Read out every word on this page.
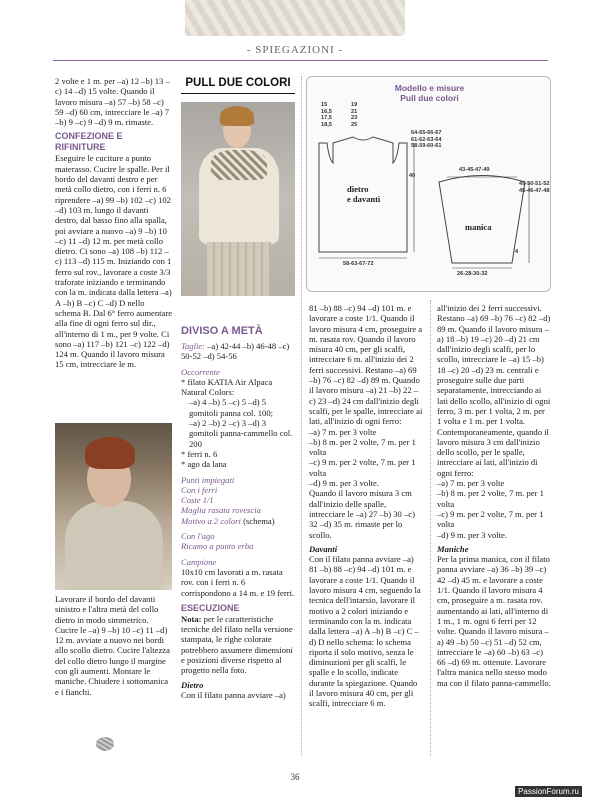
- SPIEGAZIONI -

2 volte e 1 m. per –a) 12 –b) 13 –c) 14 –d) 15 volte. Quando il lavoro misura –a) 57 –b) 58 –c) 59 –d) 60 cm, intrecciare le –a) 7 –b) 9 –c) 9 –d) 9 m. rimaste.

CONFEZIONE E RIFINITURE

Eseguire le cuciture a punto materasso. Cucire le spalle. Per il bordo del davanti destro e per metà collo dietro, con i ferri n. 6 riprendere –a) 99 –b) 102 –c) 102 –d) 103 m. lungo il davanti destro, dal basso fino alla spalla, poi avviare a nuovo –a) 9 –b) 10 –c) 11 –d) 12 m. per metà collo dietro. Ci sono –a) 108 –b) 112 –c) 113 –d) 115 m. Iniziando con 1 ferro sul rov., lavorare a coste 3/3 traforate iniziando e terminando con la m. indicata dalla lettera –a) A –b) B –c) C –d) D nello schema B. Dal 6° ferro aumentare alla fine di ogni ferro sul dir., all'interno di 1 m., per 9 volte. Ci sono –a) 117 –b) 121 –c) 122 –d) 124 m. Quando il lavoro misura 15 cm, intrecciare le m.

Lavorare il bordo del davanti sinistro e l'altra metà del collo dietro in modo simmetrico. Cucire le –a) 9 –b) 10 –c) 11 –d) 12 m. avviate a nuovo nei bordi allo scollo dietro. Cucire l'altezza del collo dietro lungo il margine con gli aumenti. Montare le maniche. Chiudere i sottomanica e i fianchi.

PULL DUE COLORI
DIVISO A METÀ

Taglie: –a) 42-44 –b) 46-48 –c) 50-52 –d) 54-56

Occorrente

* filato KATIA Air Alpaca Natural Colors:

–a) 4 –b) 5 –c) 5 –d) 5 gomitoli panna col. 100;

–a) 2 –b) 2 –c) 3 –d) 3 gomitoli panna-cammello col. 200

* ferri n. 6

* ago da lana

Punti impiegati

Con i ferri

Coste 1/1

Maglia rasata rovescia

Motivo a 2 colori (schema)

Con l'ago

Ricamo a punto erba

Campione

10x10 cm lavorati a m. rasata rov. con i ferri n. 6 corrispondono a 14 m. e 19 ferri.

ESECUZIONE

Nota: per le caratteristiche tecniche del filato nella versione stampata, le righe colorate potrebbero assumere dimensioni e posizioni diverse rispetto al progetto nella foto.

Dietro

Con il filato panna avviare –a)

Modello e misure
Pull due colori
15
16,5
17,5
18,5
19
21
23
25
64-65-66-67
61-62-63-64
58-59-60-61
40
dietro
e davanti
58-63-67-72
43-45-47-49
49-50-51-52
45-46-47-48
manica
4
26-28-30-32

81 –b) 88 –c) 94 –d) 101 m. e lavorare a coste 1/1. Quando il lavoro misura 4 cm, proseguire a m. rasata rov. Quando il lavoro misura 40 cm, per gli scalfi, intrecciare 6 m. all'inizio dei 2 ferri successivi. Restano –a) 69 –b) 76 –c) 82 –d) 89 m. Quando il lavoro misura –a) 21 –b) 22 –c) 23 –d) 24 cm dall'inizio degli scalfi, per le spalle, intrecciare ai lati, all'inizio di ogni ferro:

–a) 7 m. per 3 volte

–b) 8 m. per 2 volte, 7 m. per 1 volta

–c) 9 m. per 2 volte, 7 m. per 1 volta

–d) 9 m. per 3 volte.

Quando il lavoro misura 3 cm dall'inizio delle spalle, intrecciare le –a) 27 –b) 30 –c) 32 –d) 35 m. rimaste per lo scollo.

Davanti

Con il filato panna avviare –a) 81 –b) 88 –c) 94 –d) 101 m. e lavorare a coste 1/1. Quando il lavoro misura 4 cm, seguendo la tecnica dell'intarsio, lavorare il motivo a 2 colori iniziando e terminando con la m. indicata dalla lettera –a) A –b) B –c) C –d) D nello schema: lo schema riporta il solo motivo, senza le diminuzioni per gli scalfi, le spalle e lo scollo, indicate durante la spiegazione. Quando il lavoro misura 40 cm, per gli scalfi, intrecciare 6 m.

all'inizio dei 2 ferri successivi. Restano –a) 69 –b) 76 –c) 82 –d) 89 m. Quando il lavoro misura –a) 18 –b) 19 –c) 20 –d) 21 cm dall'inizio degli scalfi, per lo scollo, intrecciare le –a) 15 –b) 18 –c) 20 –d) 23 m. centrali e proseguire sulle due parti separatamente, intrecciando ai lati dello scollo, all'inizio di ogni ferro, 3 m. per 1 volta, 2 m. per 1 volta e 1 m. per 1 volta. Contemporaneamente, quando il lavoro misura 3 cm dall'inizio dello scollo, per le spalle, intrecciare ai lati, all'inizio di ogni ferro:

–a) 7 m. per 3 volte

–b) 8 m. per 2 volte, 7 m. per 1 volta

–c) 9 m. per 2 volte, 7 m. per 1 volta

–d) 9 m. per 3 volte.

Maniche

Per la prima manica, con il filato panna avviare –a) 36 –b) 39 –c) 42 –d) 45 m. e lavorare a coste 1/1. Quando il lavoro misura 4 cm, proseguire a m. rasata rov. aumentando ai lati, all'interno di 1 m., 1 m. ogni 6 ferri per 12 volte. Quando il lavoro misura –a) 49 –b) 50 –c) 51 –d) 52 cm, intrecciare le –a) 60 –b) 63 –c) 66 –d) 69 m. ottenute. Lavorare l'altra manica nello stesso modo ma con il filato panna-cammello.

36
PassionForum.ru
